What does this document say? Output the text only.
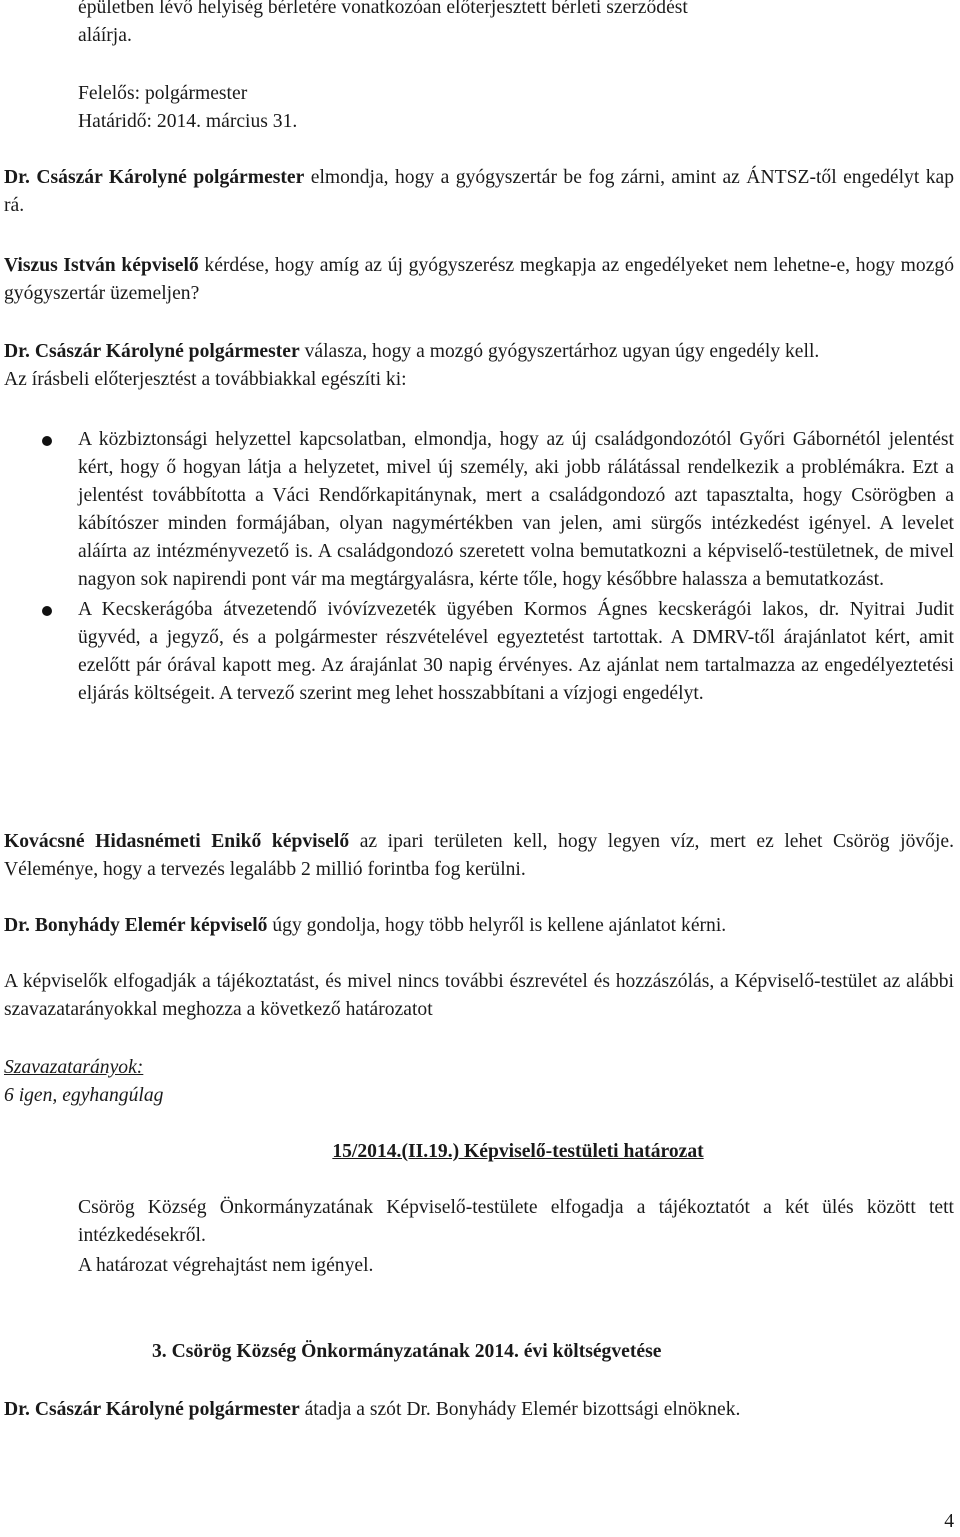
épületben lévő helyiség bérletére vonatkozóan előterjesztett bérleti szerződést
aláírja.
Felelős: polgármester
Határidő: 2014. március 31.

Dr. Császár Károlyné polgármester elmondja, hogy a gyógyszertár be fog zárni, amint az ÁNTSZ-től engedélyt kap rá.

Viszus István képviselő kérdése, hogy amíg az új gyógyszerész megkapja az engedélyeket nem lehetne-e, hogy mozgó gyógyszertár üzemeljen?

Dr. Császár Károlyné polgármester válasza, hogy a mozgó gyógyszertárhoz ugyan úgy engedély kell.

Az írásbeli előterjesztést a továbbiakkal egészíti ki:

A közbiztonsági helyzettel kapcsolatban, elmondja, hogy az új családgondozótól Győri Gábornétól jelentést kért, hogy ő hogyan látja a helyzetet, mivel új személy, aki jobb rálátással rendelkezik a problémákra. Ezt a jelentést továbbította a Váci Rendőrkapitánynak, mert a családgondozó azt tapasztalta, hogy Csörögben a kábítószer minden formájában, olyan nagymértékben van jelen, ami sürgős intézkedést igényel. A levelet aláírta az intézményvezető is. A családgondozó szeretett volna bemutatkozni a képviselő-testületnek, de mivel nagyon sok napirendi pont vár ma megtárgyalásra, kérte tőle, hogy későbbre halassza a bemutatkozást.
A Kecskerágóba átvezetendő ivóvízvezeték ügyében Kormos Ágnes kecskerágói lakos, dr. Nyitrai Judit ügyvéd, a jegyző, és a polgármester részvételével egyeztetést tartottak. A DMRV-től árajánlatot kért, amit ezelőtt pár órával kapott meg. Az árajánlat 30 napig érvényes. Az ajánlat nem tartalmazza az engedélyeztetési eljárás költségeit. A tervező szerint meg lehet hosszabbítani a vízjogi engedélyt.

Kovácsné Hidasnémeti Enikő képviselő az ipari területen kell, hogy legyen víz, mert ez lehet Csörög jövője. Véleménye, hogy a tervezés legalább 2 millió forintba fog kerülni.

Dr. Bonyhády Elemér képviselő úgy gondolja, hogy több helyről is kellene ajánlatot kérni.

A képviselők elfogadják a tájékoztatást, és mivel nincs további észrevétel és hozzászólás, a Képviselő-testület az alábbi szavazatarányokkal meghozza a következő határozatot

Szavazatarányok:
6 igen, egyhangúlag
15/2014.(II.19.) Képviselő-testületi határozat

Csörög Község Önkormányzatának Képviselő-testülete elfogadja a tájékoztatót a két ülés között tett intézkedésekről.

A határozat végrehajtást nem igényel.

3. Csörög Község Önkormányzatának 2014. évi költségvetése

Dr. Császár Károlyné polgármester átadja a szót Dr. Bonyhády Elemér bizottsági elnöknek.

4
